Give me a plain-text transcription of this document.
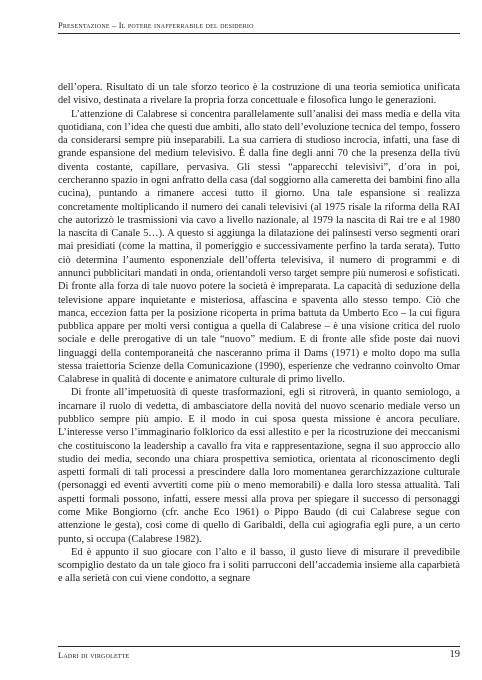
Presentazione – Il potere inafferrabile del desiderio

dell’opera. Risultato di un tale sforzo teorico è la costruzione di una teoria semiotica unificata del visivo, destinata a rivelare la propria forza concettuale e filosofica lungo le generazioni.

L’attenzione di Calabrese si concentra parallelamente sull’analisi dei mass media e della vita quotidiana, con l’idea che questi due ambiti, allo stato dell’evoluzione tecnica del tempo, fossero da considerarsi sempre più inseparabili. La sua carriera di studioso incrocia, infatti, una fase di grande espansione del medium televisivo. È dalla fine degli anni 70 che la presenza della tivù diventa costante, capillare, pervasiva. Gli stessi “apparecchi televisivi”, d’ora in poi, cercheranno spazio in ogni anfratto della casa (dal soggiorno alla cameretta dei bambini fino alla cucina), puntando a rimanere accesi tutto il giorno. Una tale espansione si realizza concretamente moltiplicando il numero dei canali televisivi (al 1975 risale la riforma della RAI che autorizzò le trasmissioni via cavo a livello nazionale, al 1979 la nascita di Rai tre e al 1980 la nascita di Canale 5…). A questo si aggiunga la dilatazione dei palinsesti verso segmenti orari mai presidiati (come la mattina, il pomeriggio e successivamente perfino la tarda serata). Tutto ciò determina l’aumento esponenziale dell’offerta televisiva, il numero di programmi e di annunci pubblicitari mandati in onda, orientandoli verso target sempre più numerosi e sofisticati. Di fronte alla forza di tale nuovo potere la società è impreparata. La capacità di seduzione della televisione appare inquietante e misteriosa, affascina e spaventa allo stesso tempo. Ciò che manca, eccezion fatta per la posizione ricoperta in prima battuta da Umberto Eco – la cui figura pubblica appare per molti versi contigua a quella di Calabrese – è una visione critica del ruolo sociale e delle prerogative di un tale “nuovo” medium. E di fronte alle sfide poste dai nuovi linguaggi della contemporaneità che nasceranno prima il Dams (1971) e molto dopo ma sulla stessa traiettoria Scienze della Comunicazione (1990), esperienze che vedranno coinvolto Omar Calabrese in qualità di docente e animatore culturale di primo livello.

Di fronte all’impetuosità di queste trasformazioni, egli si ritroverà, in quanto semiologo, a incarnare il ruolo di vedetta, di ambasciatore della novità del nuovo scenario mediale verso un pubblico sempre più ampio. E il modo in cui sposa questa missione è ancora peculiare. L’interesse verso l’immaginario folklorico da essi allestito e per la ricostruzione dei meccanismi che costituiscono la leadership a cavallo fra vita e rappresentazione, segna il suo approccio allo studio dei media, secondo una chiara prospettiva semiotica, orientata al riconoscimento degli aspetti formali di tali processi a prescindere dalla loro momentanea gerarchizzazione culturale (personaggi ed eventi avvertiti come più o meno memorabili) e dalla loro stessa attualità. Tali aspetti formali possono, infatti, essere messi alla prova per spiegare il successo di personaggi come Mike Bongiorno (cfr. anche Eco 1961) o Pippo Baudo (di cui Calabrese segue con attenzione le gesta), così come di quello di Garibaldi, della cui agiografia egli pure, a un certo punto, si occupa (Calabrese 1982).

Ed è appunto il suo giocare con l’alto e il basso, il gusto lieve di misurare il prevedibile scompiglio destato da un tale gioco fra i soliti parrucconi dell’accademia insieme alla caparbietà e alla serietà con cui viene condotto, a segnare

Ladri di virgolette	19
